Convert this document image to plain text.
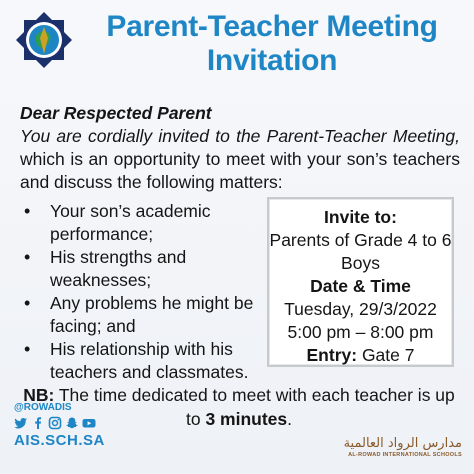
Parent-Teacher Meeting
Invitation
Dear Respected Parent
You are cordially invited to the Parent-Teacher Meeting, which is an opportunity to meet with your son’s teachers and discuss the following matters:
• Your son’s academic performance;
• His strengths and weaknesses;
• Any problems he might be facing; and
• His relationship with his teachers and classmates.
Invite to:
Parents of Grade 4 to 6 Boys
Date & Time
Tuesday, 29/3/2022
5:00 pm – 8:00 pm
Entry: Gate 7
NB: The time dedicated to meet with each teacher is up to 3 minutes.
@ROWADIS
AIS.SCH.SA	مدارس الرواد العالمية
AL-ROWAD INTERNATIONAL SCHOOLS
